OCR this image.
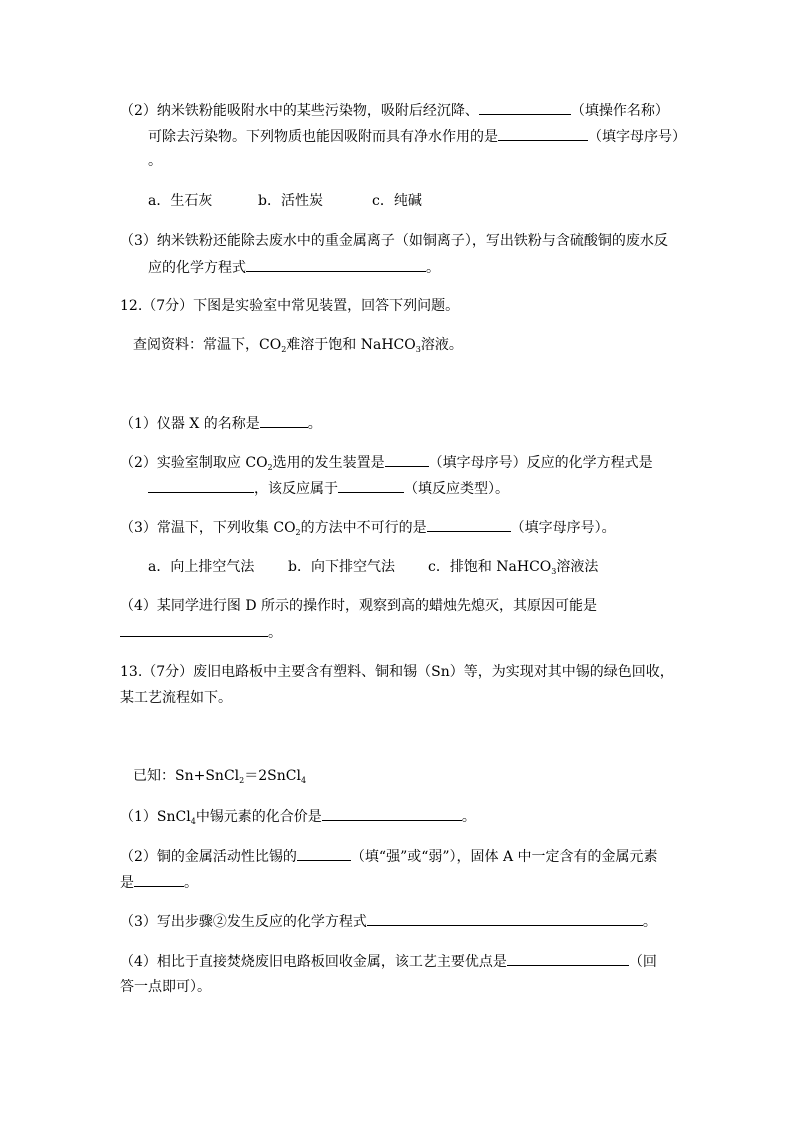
（2）纳米铁粉能吸附水中的某些污染物，吸附后经沉降、	（填操作名称）
可除去污染物。下列物质也能因吸附而具有净水作用的是	（填字母序号）
。
a．生石灰	b．活性炭	c．纯碱
（3）纳米铁粉还能除去废水中的重金属离子（如铜离子），写出铁粉与含硫酸铜的废水反
应的化学方程式	。
12.（7分）下图是实验室中常见装置，回答下列问题。
查阅资料：常温下，$CO_2$难溶于饱和 NaHCO$_3$溶液。
（1）仪器 X 的名称是	。
（2）实验室制取应 $CO_2$选用的发生装置是	（填字母序号）反应的化学方程式是
，该反应属于	（填反应类型）。
（3）常温下，下列收集 $CO_2$的方法中不可行的是	（填字母序号）。
a．向上排空气法 b．向下排空气法 c．排饱和 NaHCO$_3$溶液法
（4）某同学进行图 D 所示的操作时，观察到高的蜡烛先熄灭，其原因可能是
。
13.（7分）废旧电路板中主要含有塑料、铜和锡（Sn）等，为实现对其中锡的绿色回收，
某工艺流程如下。
已知：Sn+SnCl$_2$＝2SnCl$_4$
（1）SnCl$_4$中锡元素的化合价是	。
（2）铜的金属活动性比锡的	（填“强”或“弱”），固体 A 中一定含有的金属元素
是	。
（3）写出步骤②发生反应的化学方程式	。
（4）相比于直接焚烧废旧电路板回收金属，该工艺主要优点是	（回
答一点即可）。
